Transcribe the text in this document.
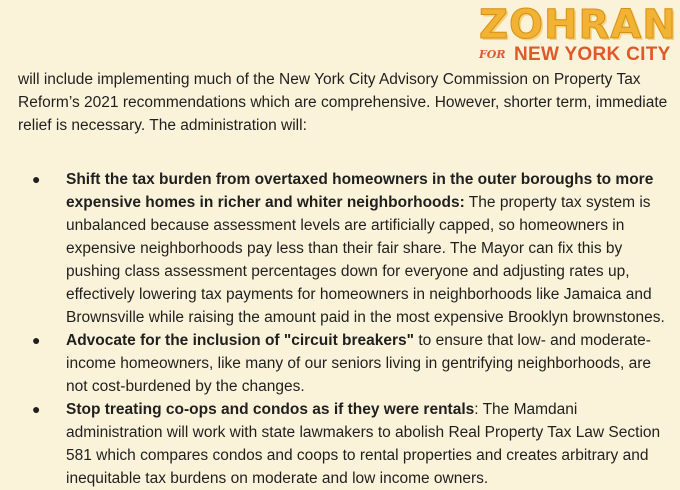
ZOHRAN
FOR NEW YORK CITY

will include implementing much of the New York City Advisory Commission on Property Tax Reform’s 2021 recommendations which are comprehensive. However, shorter term, immediate relief is necessary. The administration will:

● Shift the tax burden from overtaxed homeowners in the outer boroughs to more expensive homes in richer and whiter neighborhoods: The property tax system is unbalanced because assessment levels are artificially capped, so homeowners in expensive neighborhoods pay less than their fair share. The Mayor can fix this by pushing class assessment percentages down for everyone and adjusting rates up, effectively lowering tax payments for homeowners in neighborhoods like Jamaica and Brownsville while raising the amount paid in the most expensive Brooklyn brownstones.
● Advocate for the inclusion of "circuit breakers" to ensure that low- and moderate-income homeowners, like many of our seniors living in gentrifying neighborhoods, are not cost-burdened by the changes.
● Stop treating co-ops and condos as if they were rentals: The Mamdani administration will work with state lawmakers to abolish Real Property Tax Law Section 581 which compares condos and coops to rental properties and creates arbitrary and inequitable tax burdens on moderate and low income owners.
